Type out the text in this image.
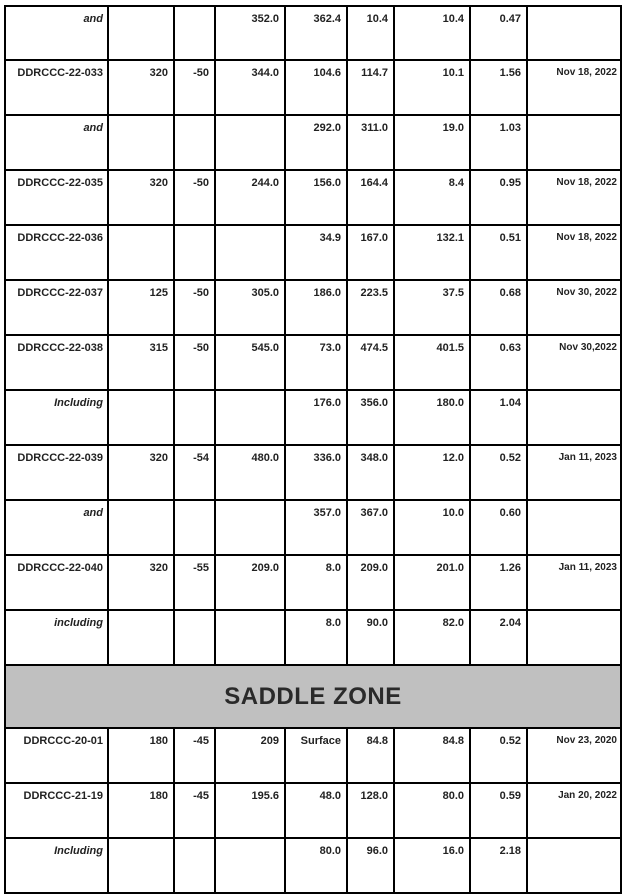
and			352.0	362.4	10.4	10.4	0.47	
DDRCCC-22-033	320	-50	344.0	104.6	114.7	10.1	1.56	Nov 18, 2022
and				292.0	311.0	19.0	1.03	
DDRCCC-22-035	320	-50	244.0	156.0	164.4	8.4	0.95	Nov 18, 2022
DDRCCC-22-036				34.9	167.0	132.1	0.51	Nov 18, 2022
DDRCCC-22-037	125	-50	305.0	186.0	223.5	37.5	0.68	Nov 30, 2022
DDRCCC-22-038	315	-50	545.0	73.0	474.5	401.5	0.63	Nov 30,2022
Including				176.0	356.0	180.0	1.04	
DDRCCC-22-039	320	-54	480.0	336.0	348.0	12.0	0.52	Jan 11, 2023
and				357.0	367.0	10.0	0.60	
DDRCCC-22-040	320	-55	209.0	8.0	209.0	201.0	1.26	Jan 11, 2023
including				8.0	90.0	82.0	2.04	
SADDLE ZONE								
DDRCCC-20-01	180	-45	209	Surface	84.8	84.8	0.52	Nov 23, 2020
DDRCCC-21-19	180	-45	195.6	48.0	128.0	80.0	0.59	Jan 20, 2022
Including				80.0	96.0	16.0	2.18	
